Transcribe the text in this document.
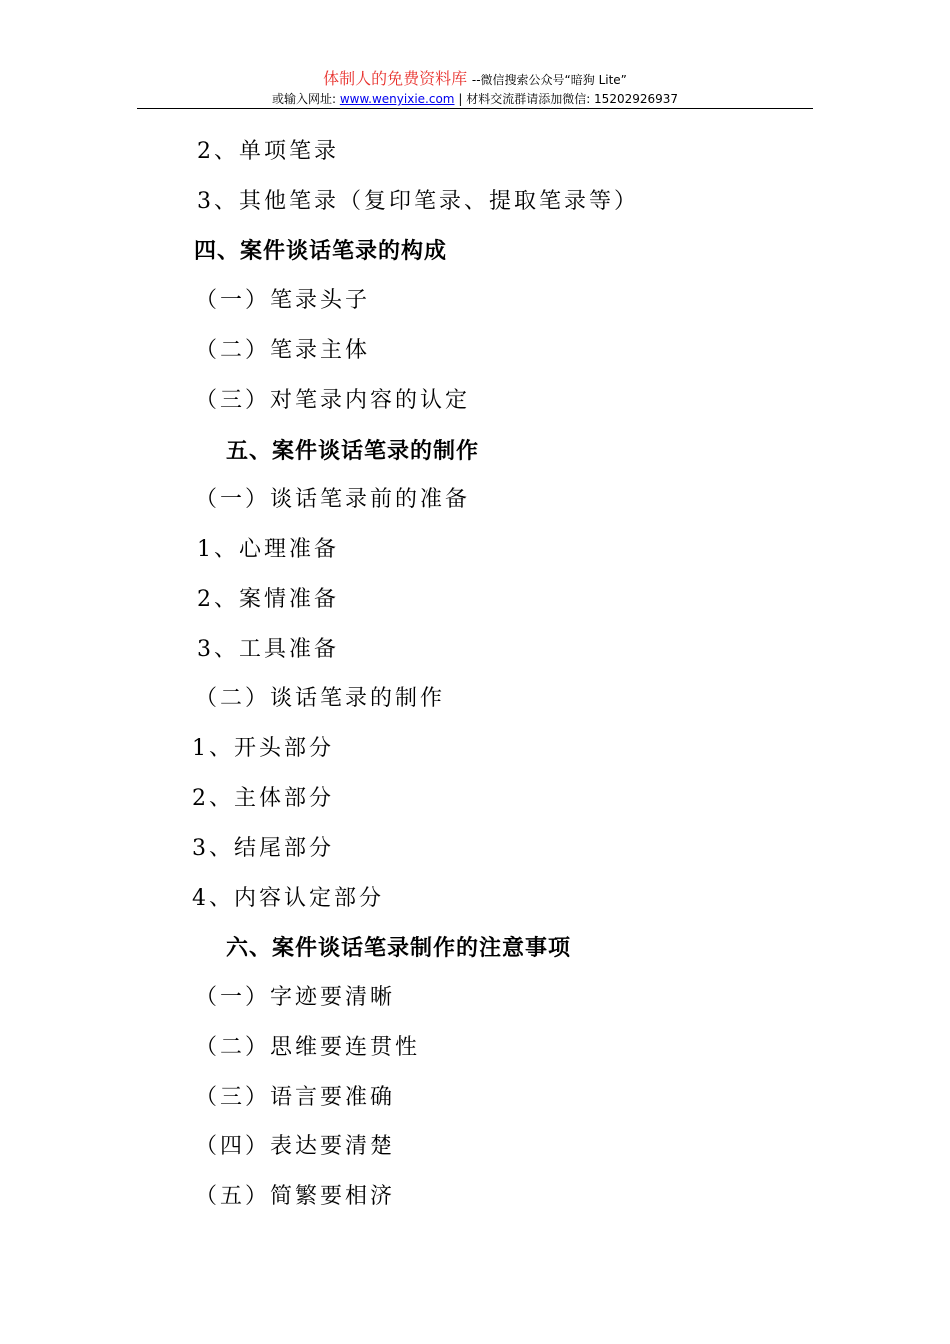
体制人的免费资料库 --微信搜索公众号“暗狗 Lite”
或输入网址: www.wenyixie.com | 材料交流群请添加微信: 15202926937
2、单项笔录
3、其他笔录（复印笔录、提取笔录等）
四、案件谈话笔录的构成
（一）笔录头子
（二）笔录主体
（三）对笔录内容的认定
五、案件谈话笔录的制作
（一）谈话笔录前的准备
1、心理准备
2、案情准备
3、工具准备
（二）谈话笔录的制作
1、开头部分
2、主体部分
3、结尾部分
4、内容认定部分
六、案件谈话笔录制作的注意事项
（一）字迹要清晰
（二）思维要连贯性
（三）语言要准确
（四）表达要清楚
（五）简繁要相济
